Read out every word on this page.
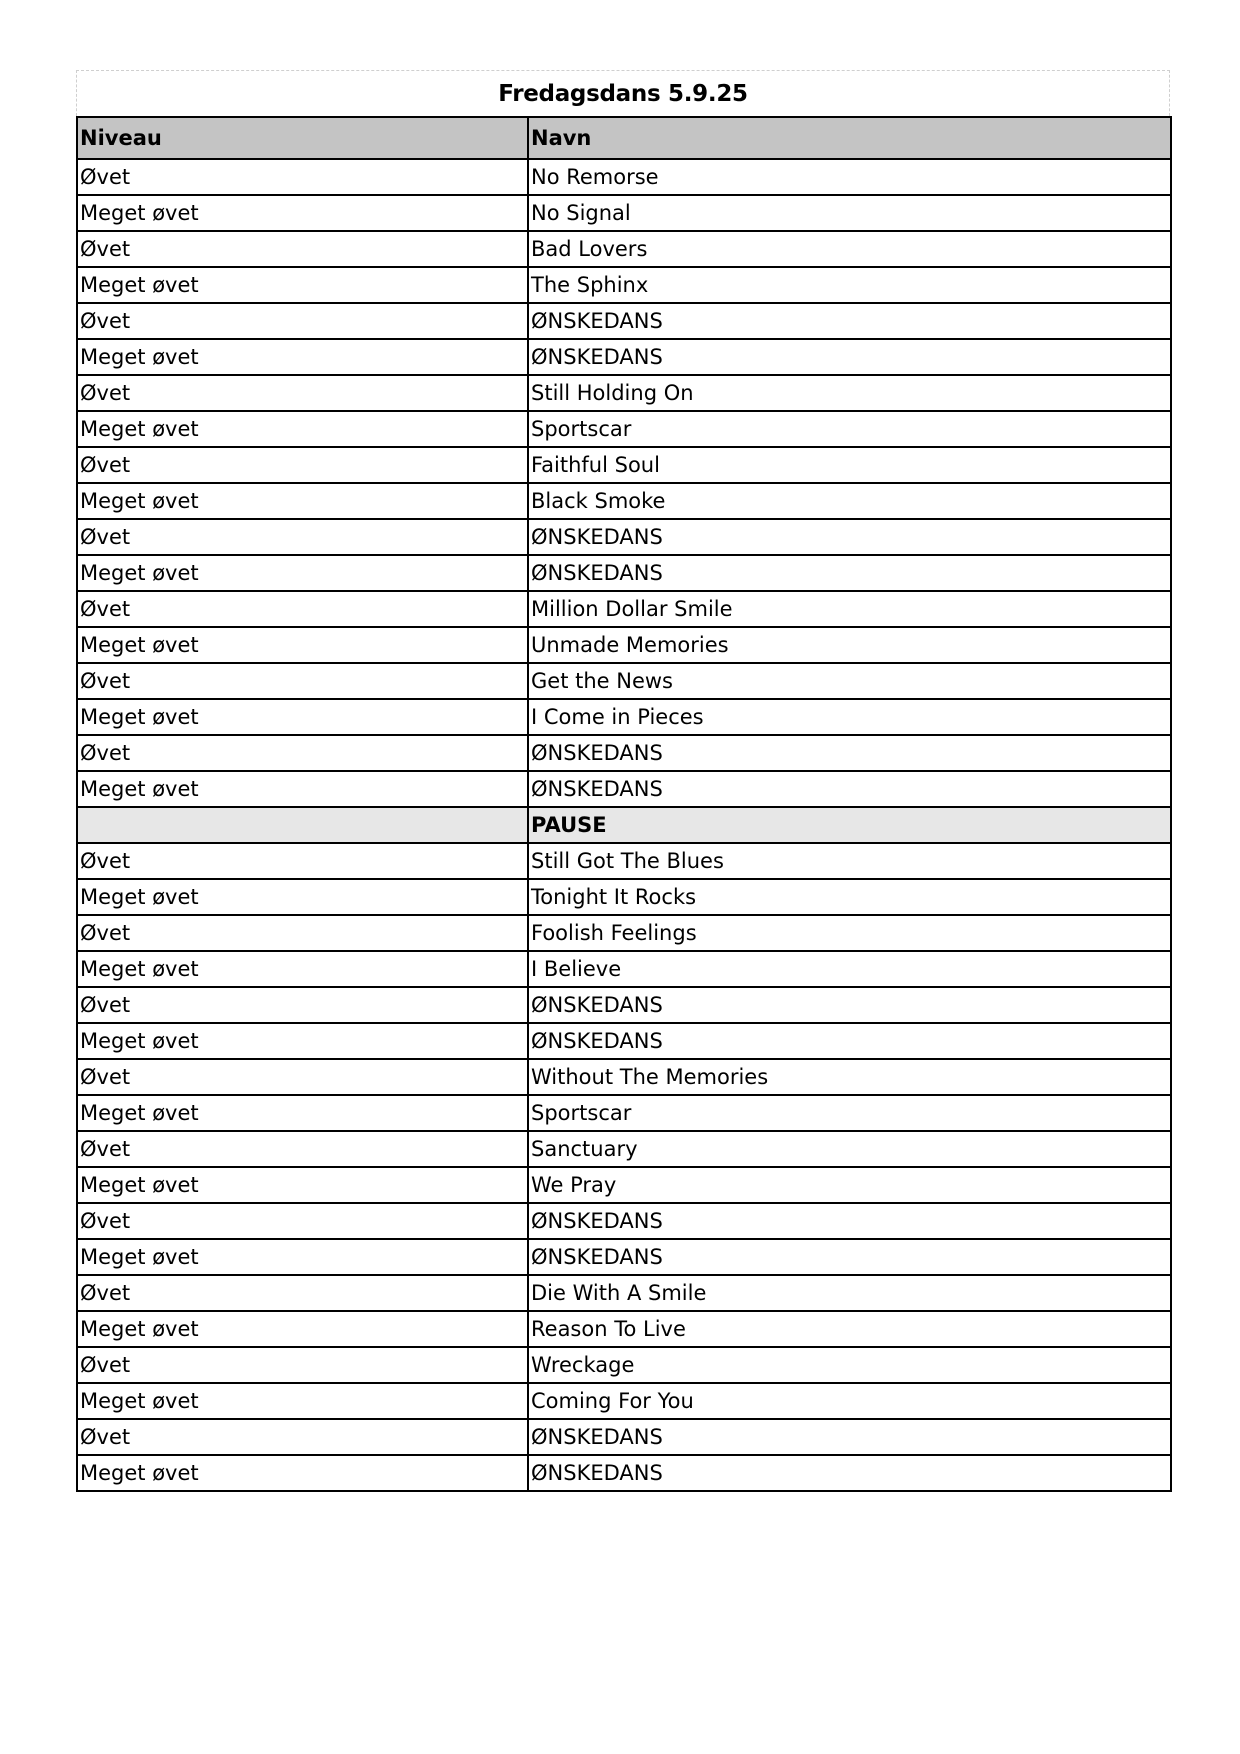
Fredagsdans 5.9.25
Niveau	Navn
Øvet	No Remorse
Meget øvet	No Signal
Øvet	Bad Lovers
Meget øvet	The Sphinx
Øvet	ØNSKEDANS
Meget øvet	ØNSKEDANS
Øvet	Still Holding On
Meget øvet	Sportscar
Øvet	Faithful Soul
Meget øvet	Black Smoke
Øvet	ØNSKEDANS
Meget øvet	ØNSKEDANS
Øvet	Million Dollar Smile
Meget øvet	Unmade Memories
Øvet	Get the News
Meget øvet	I Come in Pieces
Øvet	ØNSKEDANS
Meget øvet	ØNSKEDANS
	PAUSE
Øvet	Still Got The Blues
Meget øvet	Tonight It Rocks
Øvet	Foolish Feelings
Meget øvet	I Believe
Øvet	ØNSKEDANS
Meget øvet	ØNSKEDANS
Øvet	Without The Memories
Meget øvet	Sportscar
Øvet	Sanctuary
Meget øvet	We Pray
Øvet	ØNSKEDANS
Meget øvet	ØNSKEDANS
Øvet	Die With A Smile
Meget øvet	Reason To Live
Øvet	Wreckage
Meget øvet	Coming For You
Øvet	ØNSKEDANS
Meget øvet	ØNSKEDANS
